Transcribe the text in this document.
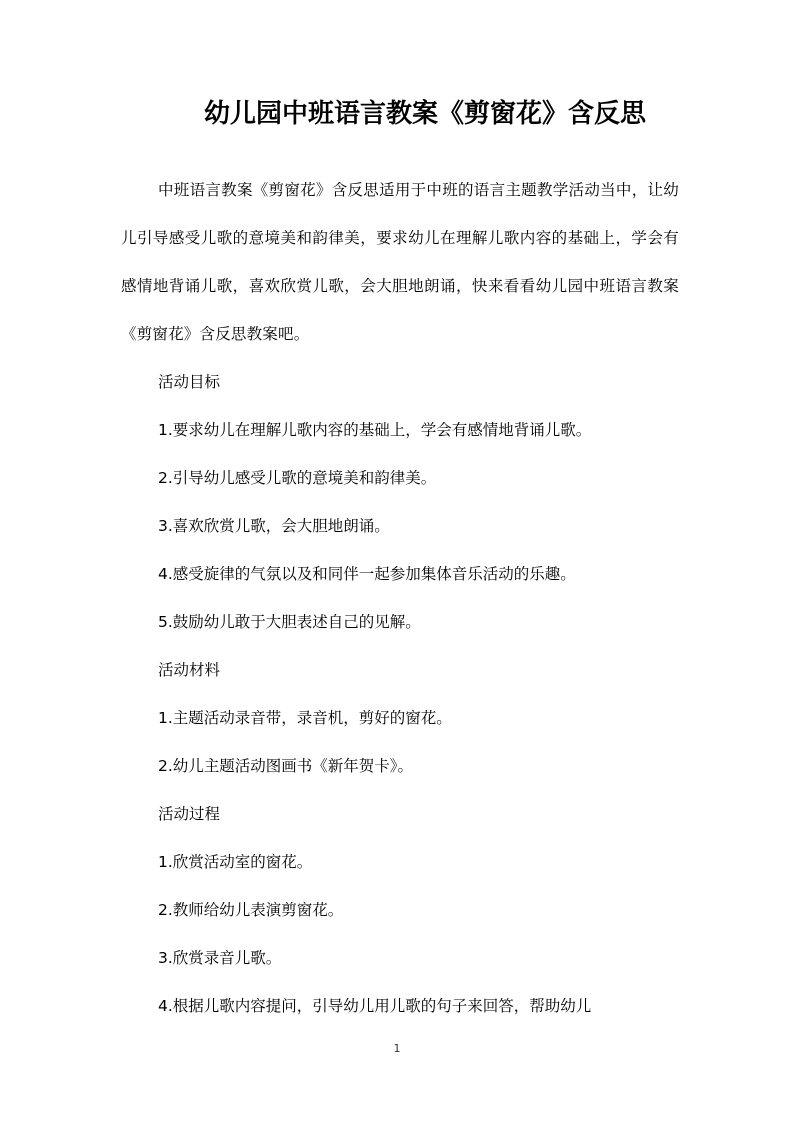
幼儿园中班语言教案《剪窗花》含反思

中班语言教案《剪窗花》含反思适用于中班的语言主题教学活动当中，让幼儿引导感受儿歌的意境美和韵律美，要求幼儿在理解儿歌内容的基础上，学会有感情地背诵儿歌，喜欢欣赏儿歌，会大胆地朗诵，快来看看幼儿园中班语言教案《剪窗花》含反思教案吧。

活动目标

1.要求幼儿在理解儿歌内容的基础上，学会有感情地背诵儿歌。

2.引导幼儿感受儿歌的意境美和韵律美。

3.喜欢欣赏儿歌，会大胆地朗诵。

4.感受旋律的气氛以及和同伴一起参加集体音乐活动的乐趣。

5.鼓励幼儿敢于大胆表述自己的见解。

活动材料

1.主题活动录音带，录音机，剪好的窗花。

2.幼儿主题活动图画书《新年贺卡》。

活动过程

1.欣赏活动室的窗花。

2.教师给幼儿表演剪窗花。

3.欣赏录音儿歌。

4.根据儿歌内容提问，引导幼儿用儿歌的句子来回答，帮助幼儿

1
